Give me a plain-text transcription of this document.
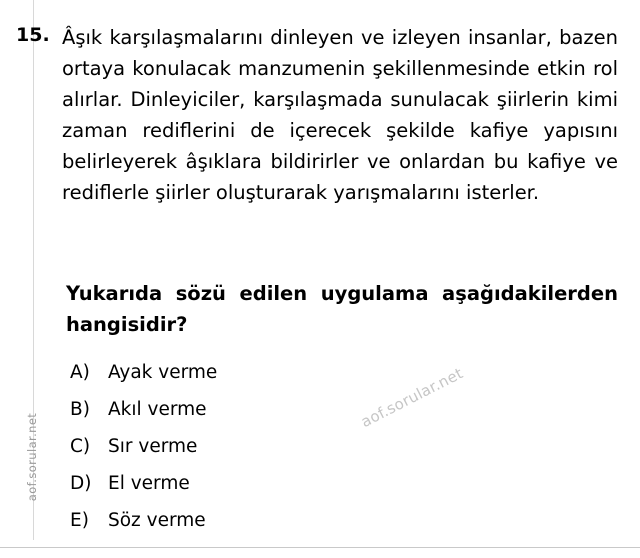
aof.sorular.net
aof.sorular.net
15. Âşık karşılaşmalarını dinleyen ve izleyen insanlar, bazen ortaya konulacak manzumenin şekillenmesinde etkin rol alırlar. Dinleyiciler, karşılaşmada sunulacak şiirlerin kimi zaman rediflerini de içerecek şekilde kafiye yapısını belirleyerek âşıklara bildirirler ve onlardan bu kafiye ve rediflerle şiirler oluşturarak yarışmalarını isterler.
Yukarıda sözü edilen uygulama aşağıdakilerden hangisidir?
A) Ayak verme
B) Akıl verme
C) Sır verme
D) El verme
E)	Söz verme
